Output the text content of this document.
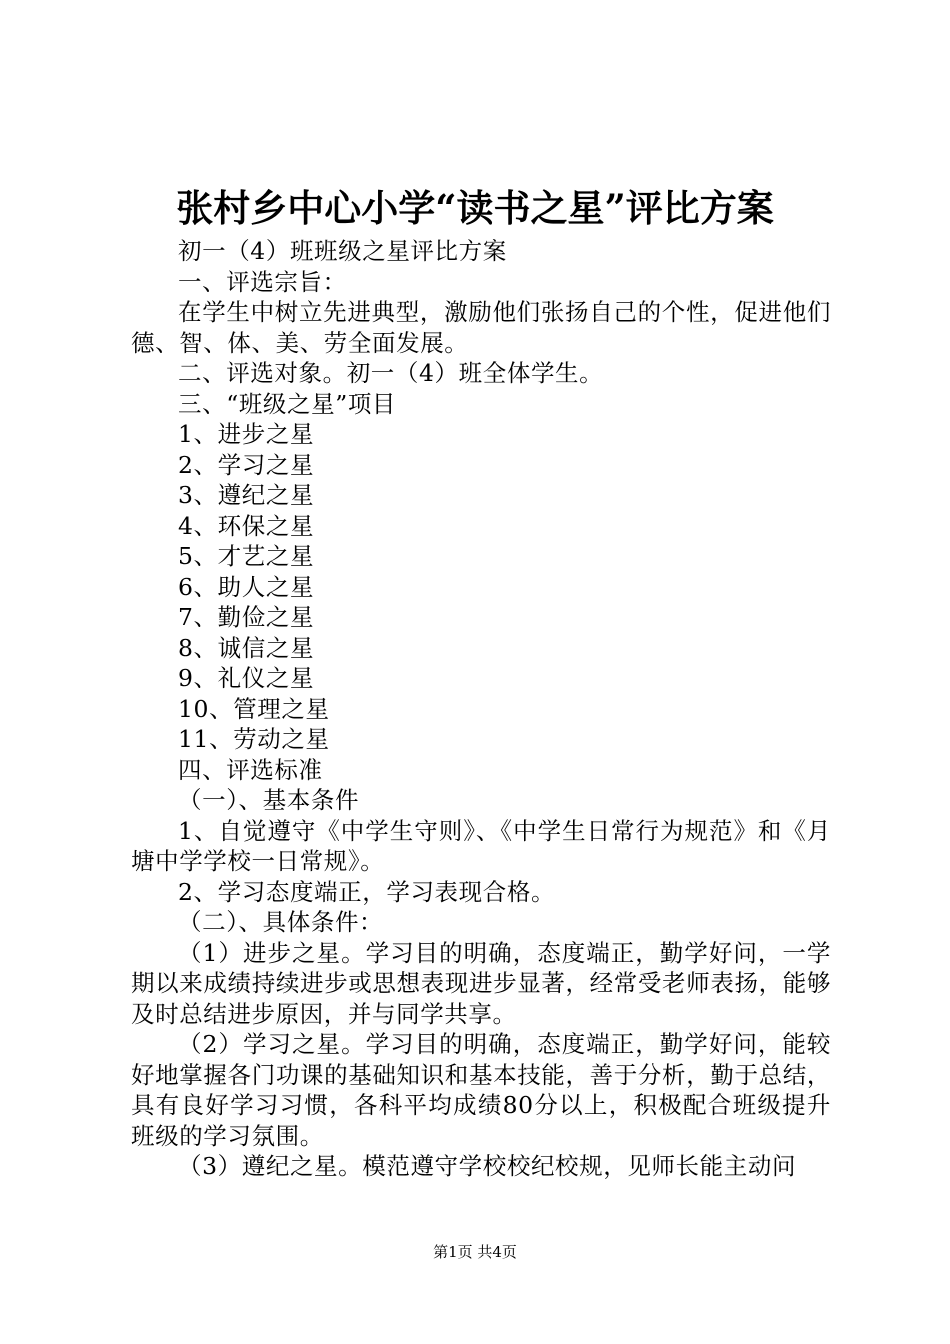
张村乡中心小学“读书之星”评比方案

初一（4）班班级之星评比方案

一、评选宗旨：

在学生中树立先进典型，激励他们张扬自己的个性，促进他们德、智、体、美、劳全面发展。

二、评选对象。初一（4）班全体学生。

三、“班级之星”项目

1、进步之星

2、学习之星

3、遵纪之星

4、环保之星

5、才艺之星

6、助人之星

7、勤俭之星

8、诚信之星

9、礼仪之星

10、管理之星

11、劳动之星

四、评选标准

（一）、基本条件

1、自觉遵守《中学生守则》、《中学生日常行为规范》和《月塘中学学校一日常规》。

2、学习态度端正，学习表现合格。

（二）、具体条件：

（1）进步之星。学习目的明确，态度端正，勤学好问，一学期以来成绩持续进步或思想表现进步显著，经常受老师表扬，能够及时总结进步原因，并与同学共享。

（2）学习之星。学习目的明确，态度端正，勤学好问，能较好地掌握各门功课的基础知识和基本技能，善于分析，勤于总结，具有良好学习习惯，各科平均成绩80分以上，积极配合班级提升班级的学习氛围。

（3）遵纪之星。模范遵守学校校纪校规，见师长能主动问

第1页 共4页
